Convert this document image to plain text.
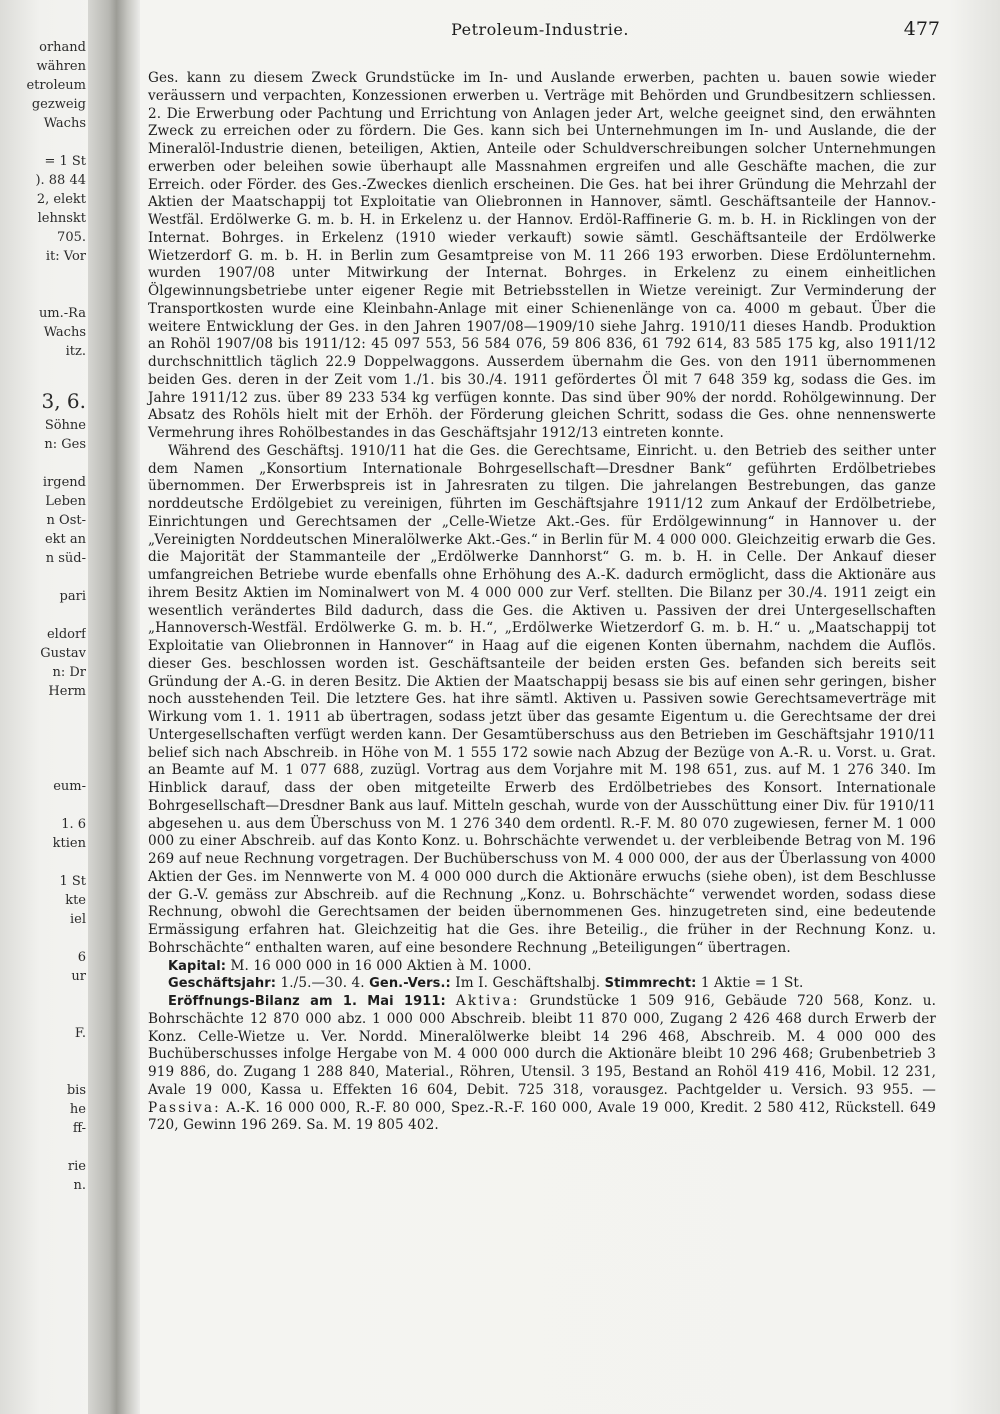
orhand
währen
etroleum
gezweig
Wachs

= 1 St
). 88 44
2, elekt
lehnskt
705.
it: Vor

um.-Ra
Wachs
itz.

3, 6.
Söhne
n: Ges

irgend
Leben
n Ost-
ekt an
n süd-

pari

eldorf
Gustav
n: Dr
Herm

eum-

1. 6
ktien

1 St
kte
iel

6
ur

F.

bis
he
ff-

rie
n.
Petroleum-Industrie.	477

Ges. kann zu diesem Zweck Grundstücke im In- und Auslande erwerben, pachten u. bauen sowie wieder veräussern und verpachten, Konzessionen erwerben u. Verträge mit Behörden und Grundbesitzern schliessen. 2. Die Erwerbung oder Pachtung und Errichtung von Anlagen jeder Art, welche geeignet sind, den erwähnten Zweck zu erreichen oder zu fördern. Die Ges. kann sich bei Unternehmungen im In- und Auslande, die der Mineralöl-Industrie dienen, beteiligen, Aktien, Anteile oder Schuldverschreibungen solcher Unternehmungen erwerben oder beleihen sowie überhaupt alle Massnahmen ergreifen und alle Geschäfte machen, die zur Erreich. oder Förder. des Ges.-Zweckes dienlich erscheinen. Die Ges. hat bei ihrer Gründung die Mehrzahl der Aktien der Maatschappij tot Exploitatie van Oliebronnen in Hannover, sämtl. Geschäftsanteile der Hannov.-Westfäl. Erdölwerke G. m. b. H. in Erkelenz u. der Hannov. Erdöl-Raffinerie G. m. b. H. in Ricklingen von der Internat. Bohrges. in Erkelenz (1910 wieder verkauft) sowie sämtl. Geschäftsanteile der Erdölwerke Wietzerdorf G. m. b. H. in Berlin zum Gesamtpreise von M. 11 266 193 erworben. Diese Erdölunternehm. wurden 1907/08 unter Mitwirkung der Internat. Bohrges. in Erkelenz zu einem einheitlichen Ölgewinnungsbetriebe unter eigener Regie mit Betriebsstellen in Wietze vereinigt. Zur Verminderung der Transportkosten wurde eine Kleinbahn-Anlage mit einer Schienenlänge von ca. 4000 m gebaut. Über die weitere Entwicklung der Ges. in den Jahren 1907/08—1909/10 siehe Jahrg. 1910/11 dieses Handb. Produktion an Rohöl 1907/08 bis 1911/12: 45 097 553, 56 584 076, 59 806 836, 61 792 614, 83 585 175 kg, also 1911/12 durchschnittlich täglich 22.9 Doppelwaggons. Ausserdem übernahm die Ges. von den 1911 übernommenen beiden Ges. deren in der Zeit vom 1./1. bis 30./4. 1911 gefördertes Öl mit 7 648 359 kg, sodass die Ges. im Jahre 1911/12 zus. über 89 233 534 kg verfügen konnte. Das sind über 90% der nordd. Rohölgewinnung. Der Absatz des Rohöls hielt mit der Erhöh. der Förderung gleichen Schritt, sodass die Ges. ohne nennenswerte Vermehrung ihres Rohölbestandes in das Geschäftsjahr 1912/13 eintreten konnte.

Während des Geschäftsj. 1910/11 hat die Ges. die Gerechtsame, Einricht. u. den Betrieb des seither unter dem Namen „Konsortium Internationale Bohrgesellschaft—Dresdner Bank“ geführten Erdölbetriebes übernommen. Der Erwerbspreis ist in Jahresraten zu tilgen. Die jahrelangen Bestrebungen, das ganze norddeutsche Erdölgebiet zu vereinigen, führten im Geschäftsjahre 1911/12 zum Ankauf der Erdölbetriebe, Einrichtungen und Gerechtsamen der „Celle-Wietze Akt.-Ges. für Erdölgewinnung“ in Hannover u. der „Vereinigten Norddeutschen Mineralölwerke Akt.-Ges.“ in Berlin für M. 4 000 000. Gleichzeitig erwarb die Ges. die Majorität der Stammanteile der „Erdölwerke Dannhorst“ G. m. b. H. in Celle. Der Ankauf dieser umfangreichen Betriebe wurde ebenfalls ohne Erhöhung des A.-K. dadurch ermöglicht, dass die Aktionäre aus ihrem Besitz Aktien im Nominalwert von M. 4 000 000 zur Verf. stellten. Die Bilanz per 30./4. 1911 zeigt ein wesentlich verändertes Bild dadurch, dass die Ges. die Aktiven u. Passiven der drei Untergesellschaften „Hannoversch-Westfäl. Erdölwerke G. m. b. H.“, „Erdölwerke Wietzerdorf G. m. b. H.“ u. „Maatschappij tot Exploitatie van Oliebronnen in Hannover“ in Haag auf die eigenen Konten übernahm, nachdem die Auflös. dieser Ges. beschlossen worden ist. Geschäftsanteile der beiden ersten Ges. befanden sich bereits seit Gründung der A.-G. in deren Besitz. Die Aktien der Maatschappij besass sie bis auf einen sehr geringen, bisher noch ausstehenden Teil. Die letztere Ges. hat ihre sämtl. Aktiven u. Passiven sowie Gerechtsameverträge mit Wirkung vom 1. 1. 1911 ab übertragen, sodass jetzt über das gesamte Eigentum u. die Gerechtsame der drei Untergesellschaften verfügt werden kann. Der Gesamtüberschuss aus den Betrieben im Geschäftsjahr 1910/11 belief sich nach Abschreib. in Höhe von M. 1 555 172 sowie nach Abzug der Bezüge von A.-R. u. Vorst. u. Grat. an Beamte auf M. 1 077 688, zuzügl. Vortrag aus dem Vorjahre mit M. 198 651, zus. auf M. 1 276 340. Im Hinblick darauf, dass der oben mitgeteilte Erwerb des Erdölbetriebes des Konsort. Internationale Bohrgesellschaft—Dresdner Bank aus lauf. Mitteln geschah, wurde von der Ausschüttung einer Div. für 1910/11 abgesehen u. aus dem Überschuss von M. 1 276 340 dem ordentl. R.-F. M. 80 070 zugewiesen, ferner M. 1 000 000 zu einer Abschreib. auf das Konto Konz. u. Bohrschächte verwendet u. der verbleibende Betrag von M. 196 269 auf neue Rechnung vorgetragen. Der Buchüberschuss von M. 4 000 000, der aus der Überlassung von 4000 Aktien der Ges. im Nennwerte von M. 4 000 000 durch die Aktionäre erwuchs (siehe oben), ist dem Beschlusse der G.-V. gemäss zur Abschreib. auf die Rechnung „Konz. u. Bohrschächte“ verwendet worden, sodass diese Rechnung, obwohl die Gerechtsamen der beiden übernommenen Ges. hinzugetreten sind, eine bedeutende Ermässigung erfahren hat. Gleichzeitig hat die Ges. ihre Beteilig., die früher in der Rechnung Konz. u. Bohrschächte“ enthalten waren, auf eine besondere Rechnung „Beteiligungen“ übertragen.

Kapital: M. 16 000 000 in 16 000 Aktien à M. 1000.

Geschäftsjahr: 1./5.—30. 4. Gen.-Vers.: Im I. Geschäftshalbj. Stimmrecht: 1 Aktie = 1 St.

Eröffnungs-Bilanz am 1. Mai 1911: Aktiva: Grundstücke 1 509 916, Gebäude 720 568, Konz. u. Bohrschächte 12 870 000 abz. 1 000 000 Abschreib. bleibt 11 870 000, Zugang 2 426 468 durch Erwerb der Konz. Celle-Wietze u. Ver. Nordd. Mineralölwerke bleibt 14 296 468, Abschreib. M. 4 000 000 des Buchüberschusses infolge Hergabe von M. 4 000 000 durch die Aktionäre bleibt 10 296 468; Grubenbetrieb 3 919 886, do. Zugang 1 288 840, Material., Röhren, Utensil. 3 195, Bestand an Rohöl 419 416, Mobil. 12 231, Avale 19 000, Kassa u. Effekten 16 604, Debit. 725 318, vorausgez. Pachtgelder u. Versich. 93 955. — Passiva: A.-K. 16 000 000, R.-F. 80 000, Spez.-R.-F. 160 000, Avale 19 000, Kredit. 2 580 412, Rückstell. 649 720, Gewinn 196 269. Sa. M. 19 805 402.
